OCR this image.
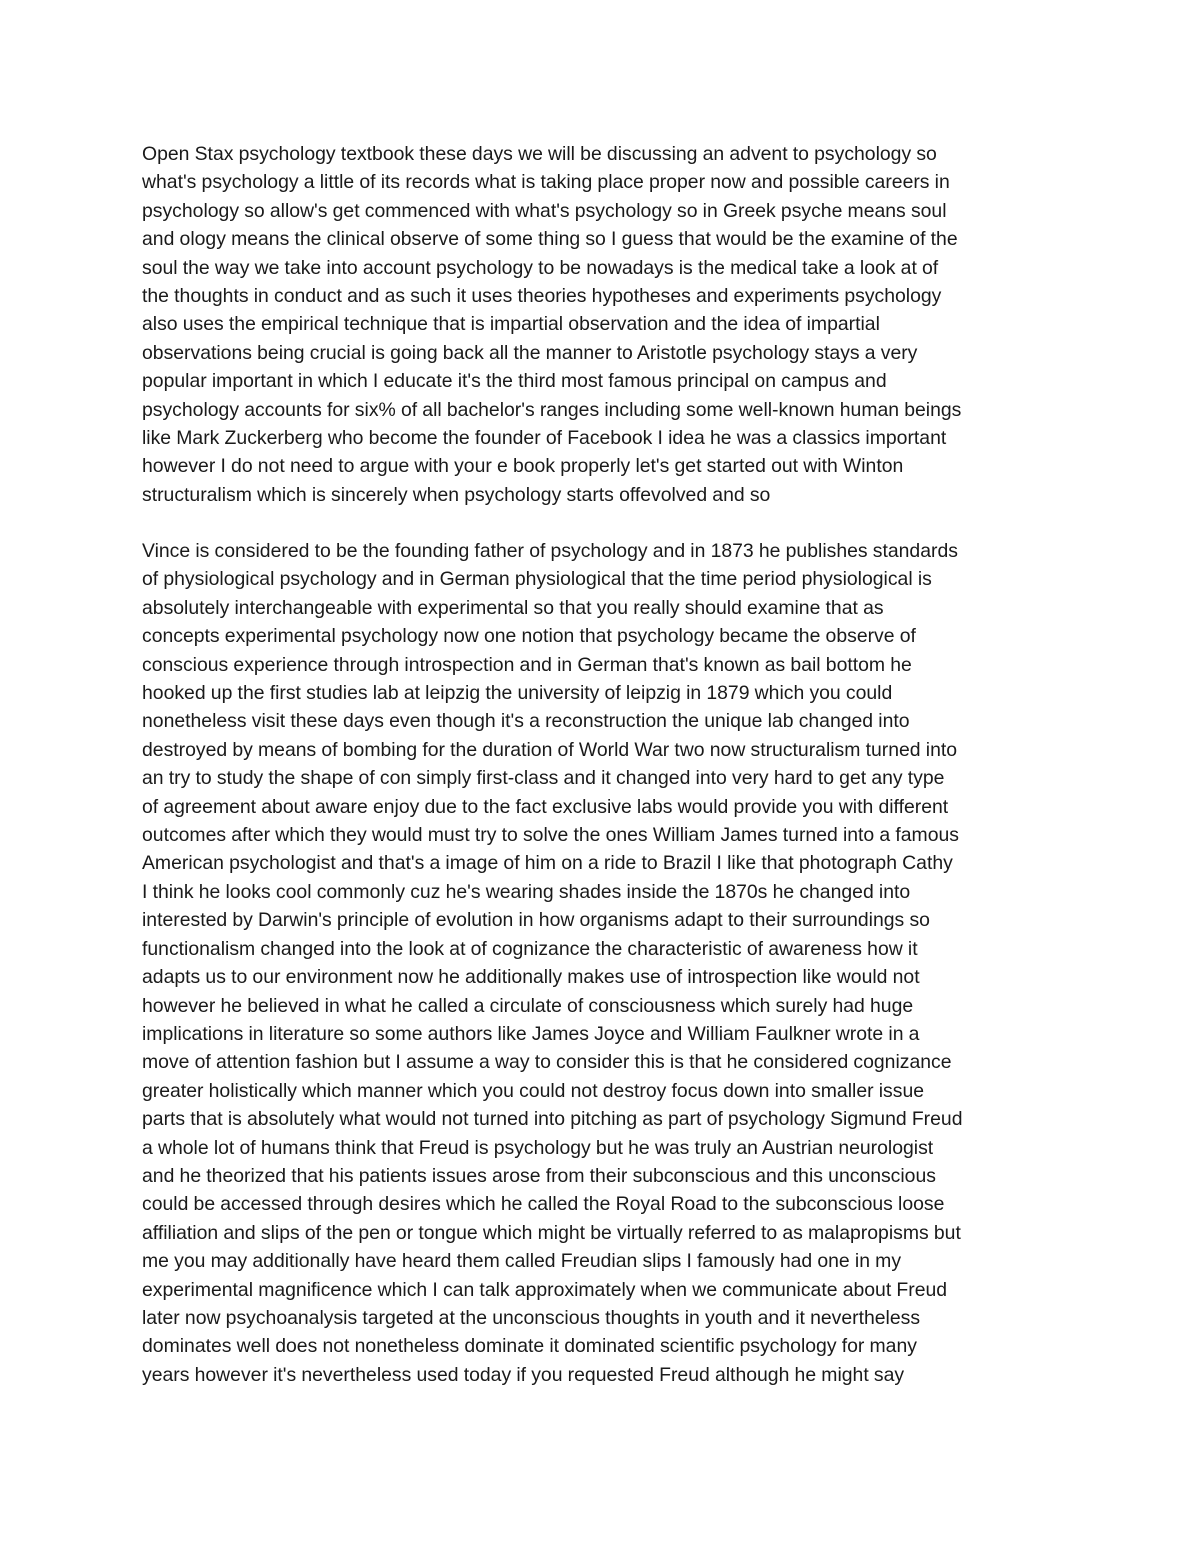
Open Stax psychology textbook these days we will be discussing an advent to psychology so
what's psychology a little of its records what is taking place proper now and possible careers in
psychology so allow's get commenced with what's psychology so in Greek psyche means soul
and ology means the clinical observe of some thing so I guess that would be the examine of the
soul the way we take into account psychology to be nowadays is the medical take a look at of
the thoughts in conduct and as such it uses theories hypotheses and experiments psychology
also uses the empirical technique that is impartial observation and the idea of impartial
observations being crucial is going back all the manner to Aristotle psychology stays a very
popular important in which I educate it's the third most famous principal on campus and
psychology accounts for six% of all bachelor's ranges including some well-known human beings
like Mark Zuckerberg who become the founder of Facebook I idea he was a classics important
however I do not need to argue with your e book properly let's get started out with Winton
structuralism which is sincerely when psychology starts offevolved and so

Vince is considered to be the founding father of psychology and in 1873 he publishes standards
of physiological psychology and in German physiological that the time period physiological is
absolutely interchangeable with experimental so that you really should examine that as
concepts experimental psychology now one notion that psychology became the observe of
conscious experience through introspection and in German that's known as bail bottom he
hooked up the first studies lab at leipzig the university of leipzig in 1879 which you could
nonetheless visit these days even though it's a reconstruction the unique lab changed into
destroyed by means of bombing for the duration of World War two now structuralism turned into
an try to study the shape of con simply first-class and it changed into very hard to get any type
of agreement about aware enjoy due to the fact exclusive labs would provide you with different
outcomes after which they would must try to solve the ones William James turned into a famous
American psychologist and that's a image of him on a ride to Brazil I like that photograph Cathy
I think he looks cool commonly cuz he's wearing shades inside the 1870s he changed into
interested by Darwin's principle of evolution in how organisms adapt to their surroundings so
functionalism changed into the look at of cognizance the characteristic of awareness how it
adapts us to our environment now he additionally makes use of introspection like would not
however he believed in what he called a circulate of consciousness which surely had huge
implications in literature so some authors like James Joyce and William Faulkner wrote in a
move of attention fashion but I assume a way to consider this is that he considered cognizance
greater holistically which manner which you could not destroy focus down into smaller issue
parts that is absolutely what would not turned into pitching as part of psychology Sigmund Freud
a whole lot of humans think that Freud is psychology but he was truly an Austrian neurologist
and he theorized that his patients issues arose from their subconscious and this unconscious
could be accessed through desires which he called the Royal Road to the subconscious loose
affiliation and slips of the pen or tongue which might be virtually referred to as malapropisms but
me you may additionally have heard them called Freudian slips I famously had one in my
experimental magnificence which I can talk approximately when we communicate about Freud
later now psychoanalysis targeted at the unconscious thoughts in youth and it nevertheless
dominates well does not nonetheless dominate it dominated scientific psychology for many
years however it's nevertheless used today if you requested Freud although he might say
